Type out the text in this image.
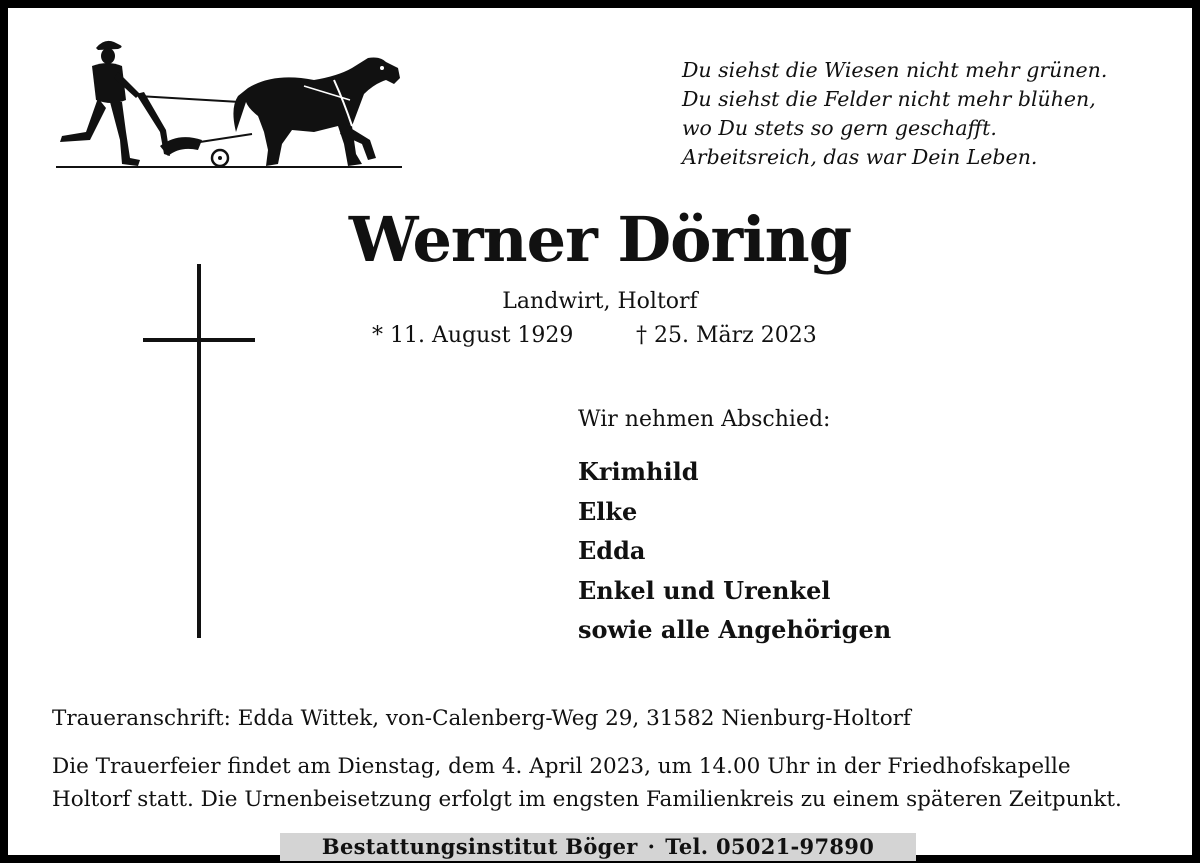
Du siehst die Wiesen nicht mehr grünen.
Du siehst die Felder nicht mehr blühen,
wo Du stets so gern geschafft.
Arbeitsreich, das war Dein Leben.
Werner Döring
Landwirt, Holtorf
* 11. August 1929	† 25. März 2023
Wir nehmen Abschied:
Krimhild
Elke
Edda
Enkel und Urenkel
sowie alle Angehörigen
Traueranschrift: Edda Wittek, von-Calenberg-Weg 29, 31582 Nienburg-Holtorf
Die Trauerfeier findet am Dienstag, dem 4. April 2023, um 14.00 Uhr in der Friedhofskapelle
Holtorf statt. Die Urnenbeisetzung erfolgt im engsten Familienkreis zu einem späteren Zeitpunkt.
Bestattungsinstitut Böger · Tel. 05021-97890
